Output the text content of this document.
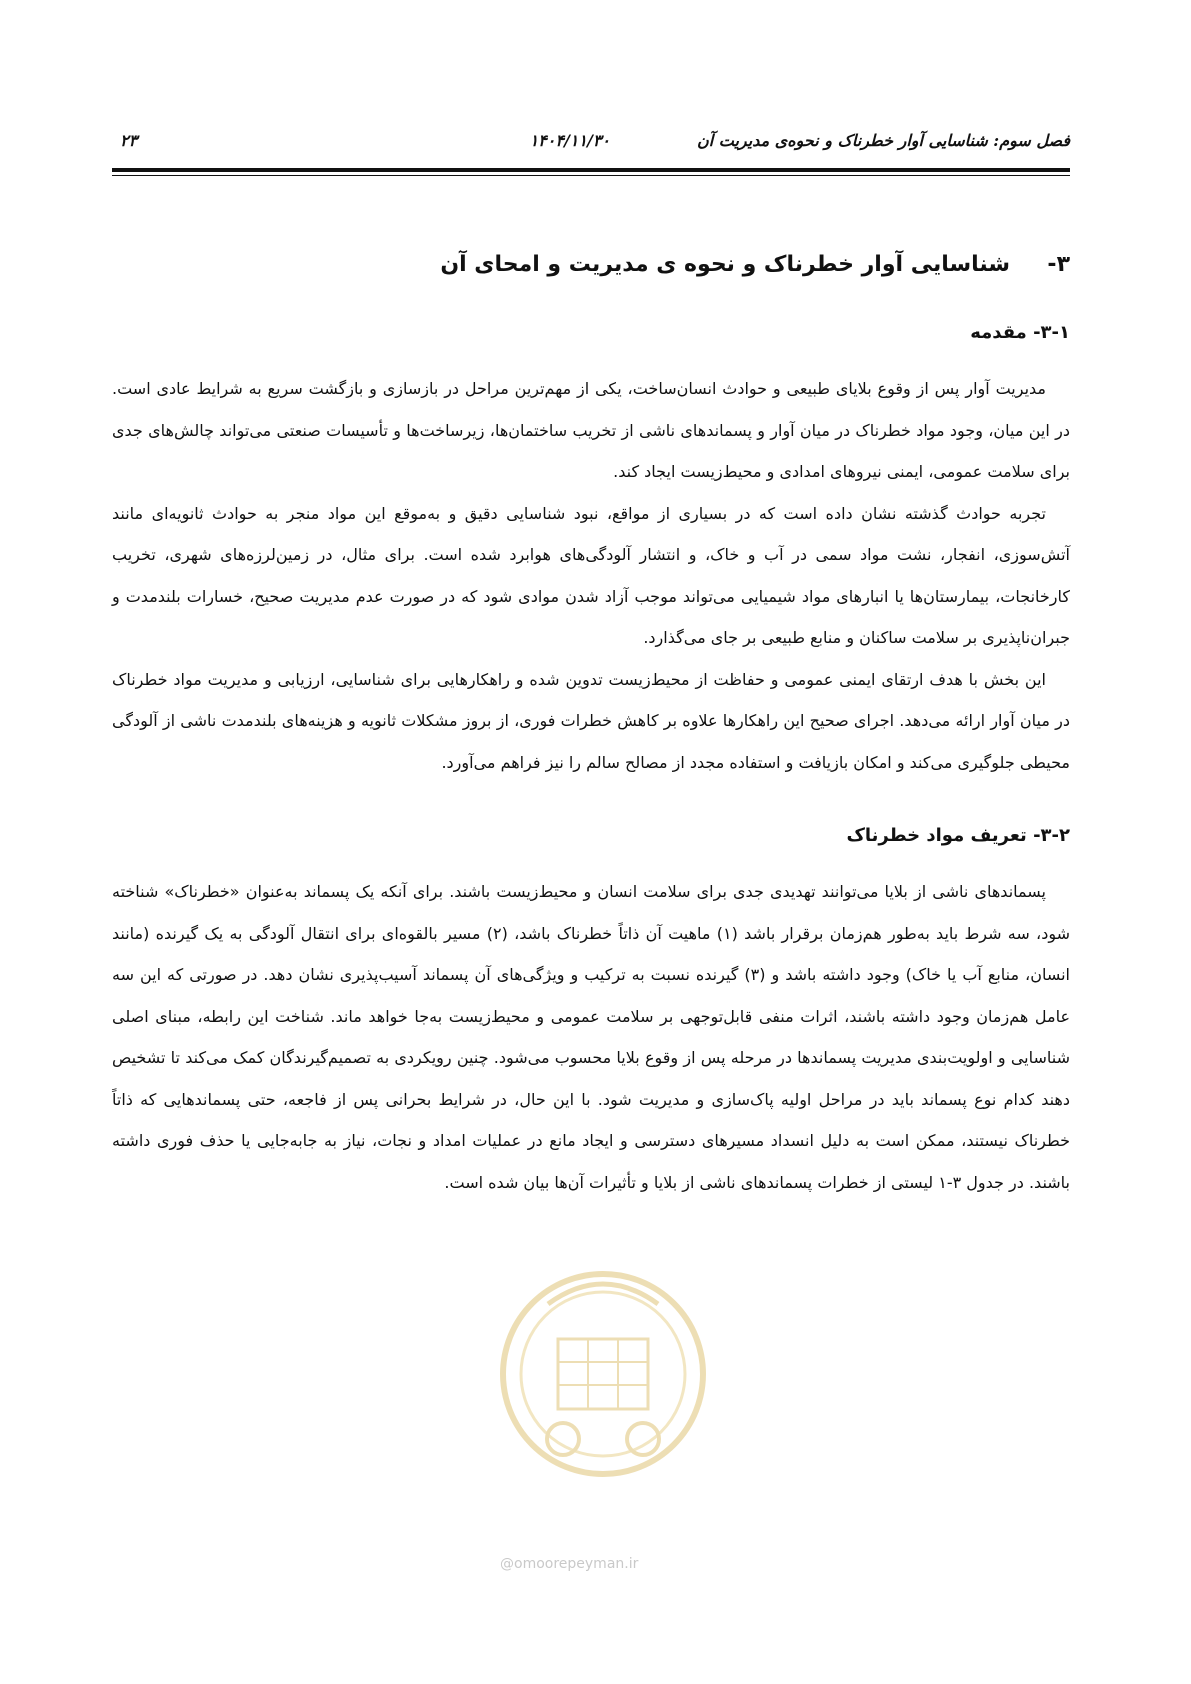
فصل سوم: شناسایی آوار خطرناک و نحوه‌ی مدیریت آن
۱۴۰۴/۱۱/۳۰
۲۳
۳-
شناسایی آوار خطرناک و نحوه ی مدیریت و امحای آن
۳-۱- مقدمه

مدیریت آوار پس از وقوع بلایای طبیعی و حوادث انسان‌ساخت، یکی از مهم‌ترین مراحل در بازسازی و بازگشت سریع به شرایط عادی است. در این میان، وجود مواد خطرناک در میان آوار و پسماندهای ناشی از تخریب ساختمان‌ها، زیرساخت‌ها و تأسیسات صنعتی می‌تواند چالش‌های جدی برای سلامت عمومی، ایمنی نیروهای امدادی و محیط‌زیست ایجاد کند.

تجربه حوادث گذشته نشان داده است که در بسیاری از مواقع، نبود شناسایی دقیق و به‌موقع این مواد منجر به حوادث ثانویه‌ای مانند آتش‌سوزی، انفجار، نشت مواد سمی در آب و خاک، و انتشار آلودگی‌های هوابرد شده است. برای مثال، در زمین‌لرزه‌های شهری، تخریب کارخانجات، بیمارستان‌ها یا انبارهای مواد شیمیایی می‌تواند موجب آزاد شدن موادی شود که در صورت عدم مدیریت صحیح، خسارات بلندمدت و جبران‌ناپذیری بر سلامت ساکنان و منابع طبیعی بر جای می‌گذارد.

این بخش با هدف ارتقای ایمنی عمومی و حفاظت از محیط‌زیست تدوین شده و راهکارهایی برای شناسایی، ارزیابی و مدیریت مواد خطرناک در میان آوار ارائه می‌دهد. اجرای صحیح این راهکارها علاوه بر کاهش خطرات فوری، از بروز مشکلات ثانویه و هزینه‌های بلندمدت ناشی از آلودگی محیطی جلوگیری می‌کند و امکان بازیافت و استفاده مجدد از مصالح سالم را نیز فراهم می‌آورد.

۳-۲- تعریف مواد خطرناک

پسماندهای ناشی از بلایا می‌توانند تهدیدی جدی برای سلامت انسان و محیط‌زیست باشند. برای آنکه یک پسماند به‌عنوان «خطرناک» شناخته شود، سه شرط باید به‌طور هم‌زمان برقرار باشد (۱) ماهیت آن ذاتاً خطرناک باشد، (۲) مسیر بالقوه‌ای برای انتقال آلودگی به یک گیرنده (مانند انسان، منابع آب یا خاک) وجود داشته باشد و (۳) گیرنده نسبت به ترکیب و ویژگی‌های آن پسماند آسیب‌پذیری نشان دهد. در صورتی که این سه عامل هم‌زمان وجود داشته باشند، اثرات منفی قابل‌توجهی بر سلامت عمومی و محیط‌زیست به‌جا خواهد ماند. شناخت این رابطه، مبنای اصلی شناسایی و اولویت‌بندی مدیریت پسماندها در مرحله پس از وقوع بلایا محسوب می‌شود. چنین رویکردی به تصمیم‌گیرندگان کمک می‌کند تا تشخیص دهند کدام نوع پسماند باید در مراحل اولیه پاک‌سازی و مدیریت شود. با این حال، در شرایط بحرانی پس از فاجعه، حتی پسماندهایی که ذاتاً خطرناک نیستند، ممکن است به دلیل انسداد مسیرهای دسترسی و ایجاد مانع در عملیات امداد و نجات، نیاز به جابه‌جایی یا حذف فوری داشته باشند. در جدول ۳-۱ لیستی از خطرات پسماندهای ناشی از بلایا و تأثیرات آن‌ها بیان شده است.

@omoorepeyman.ir
